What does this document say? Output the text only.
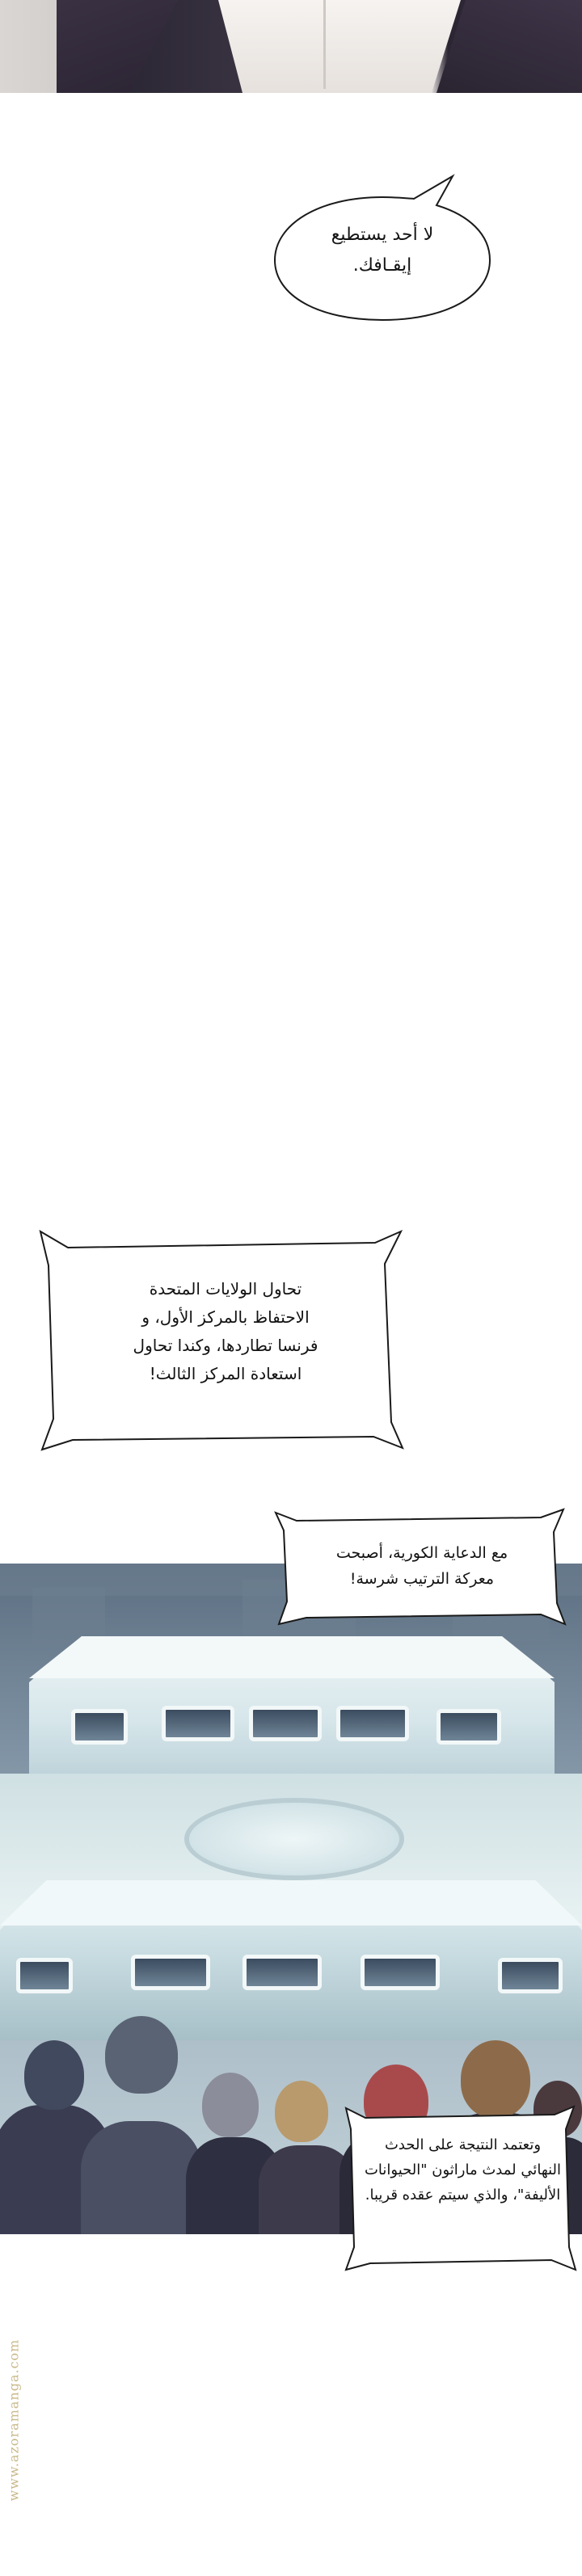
لا أحد يستطيع
إيقـافك.
تحاول الولايات المتحدة
الاحتفاظ بالمركز الأول، و
فرنسا تطاردها، وكندا تحاول
استعادة المركز الثالث!
مع الدعاية الكورية، أصبحت
معركة الترتيب شرسة!
وتعتمد النتيجة على الحدث
النهائي لمدث ماراثون "الحيوانات
الأليفة"، والذي سيتم عقده قريبا.
www.azoramanga.com
